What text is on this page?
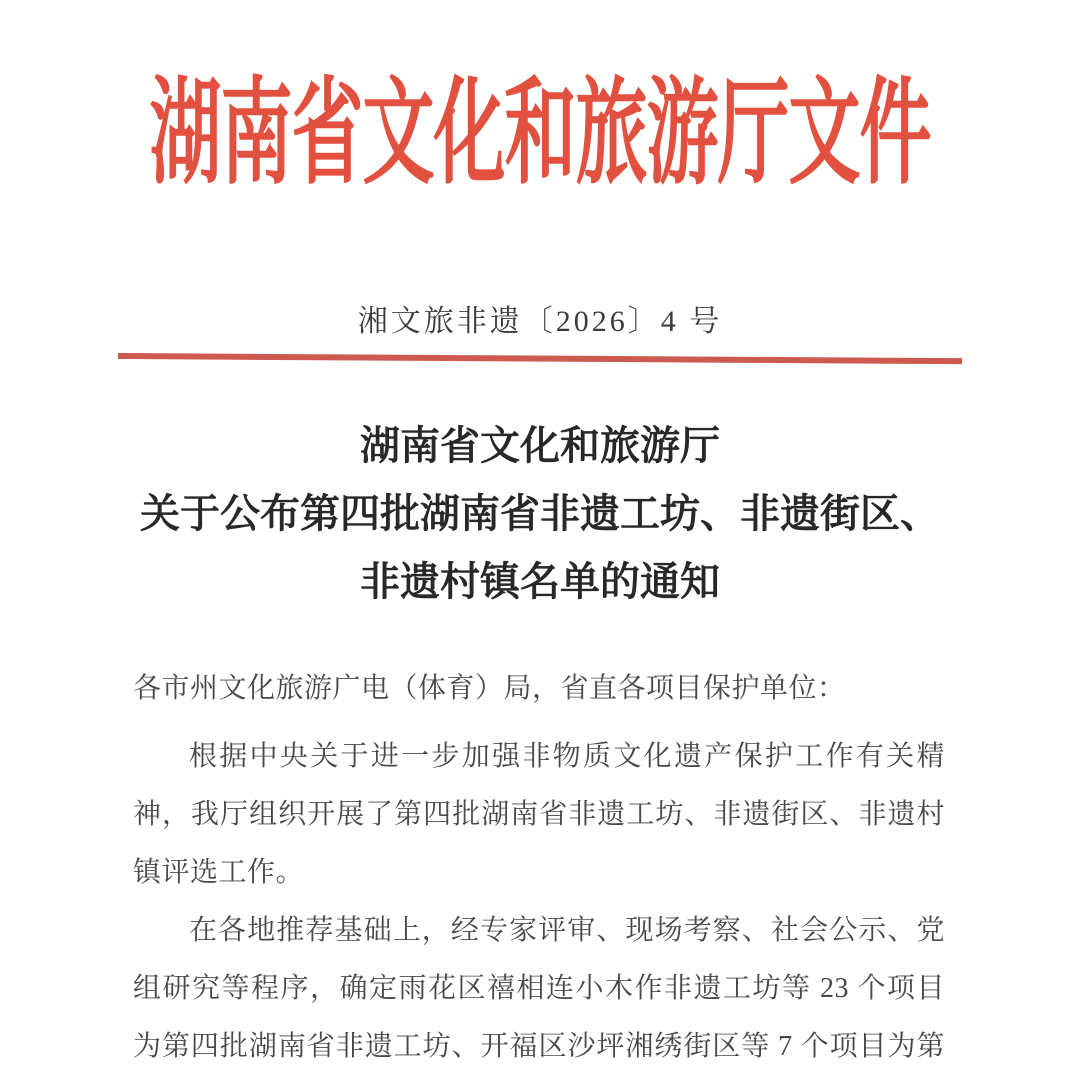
湖南省文化和旅游厅文件
湘文旅非遗〔2026〕4 号
湖南省文化和旅游厅
关于公布第四批湖南省非遗工坊、非遗街区、
非遗村镇名单的通知
各市州文化旅游广电（体育）局，省直各项目保护单位：
根据中央关于进一步加强非物质文化遗产保护工作有关精
神，我厅组织开展了第四批湖南省非遗工坊、非遗街区、非遗村
镇评选工作。
在各地推荐基础上，经专家评审、现场考察、社会公示、党
组研究等程序，确定雨花区禧相连小木作非遗工坊等 23 个项目
为第四批湖南省非遗工坊、开福区沙坪湘绣街区等 7 个项目为第
